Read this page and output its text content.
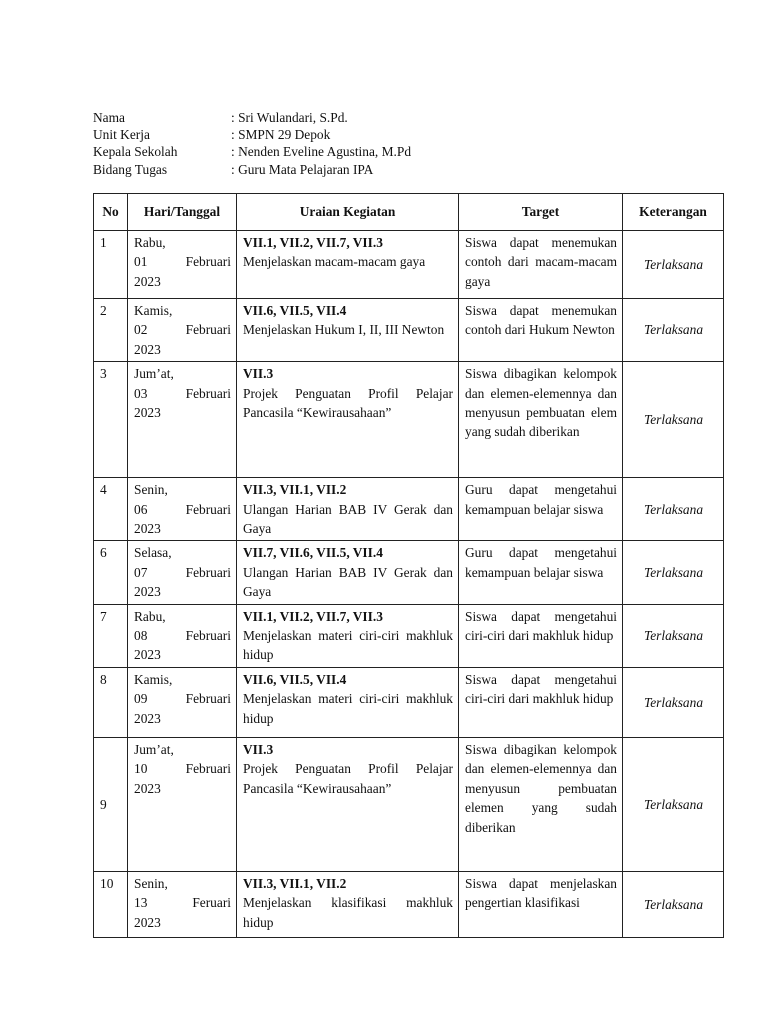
Nama	: Sri Wulandari, S.Pd.
Unit Kerja	: SMPN 29 Depok
Kepala Sekolah	: Nenden Eveline Agustina, M.Pd
Bidang Tugas	: Guru Mata Pelajaran IPA
No	Hari/Tanggal	Uraian Kegiatan	Target	Keterangan
1	Rabu,
01 Februari
2023	VII.1, VII.2, VII.7, VII.3
Menjelaskan macam-macam gaya	Siswa dapat menemukan contoh dari macam-macam gaya	Terlaksana
2	Kamis,
02 Februari
2023	VII.6, VII.5, VII.4
Menjelaskan Hukum I, II, III Newton	Siswa dapat menemukan contoh dari Hukum Newton	Terlaksana
3	Jum’at,
03 Februari
2023	VII.3
Projek Penguatan Profil Pelajar Pancasila “Kewirausahaan”	Siswa dibagikan kelompok dan elemen-elemennya dan menyusun pembuatan elem yang sudah diberikan	Terlaksana
4	Senin,
06 Februari
2023	VII.3, VII.1, VII.2
Ulangan Harian BAB IV Gerak dan Gaya	Guru dapat mengetahui kemampuan belajar siswa	Terlaksana
6	Selasa,
07 Februari
2023	VII.7, VII.6, VII.5, VII.4
Ulangan Harian BAB IV Gerak dan Gaya	Guru dapat mengetahui kemampuan belajar siswa	Terlaksana
7	Rabu,
08 Februari
2023	VII.1, VII.2, VII.7, VII.3
Menjelaskan materi ciri-ciri makhluk hidup	Siswa dapat mengetahui ciri-ciri dari makhluk hidup	Terlaksana
8	Kamis,
09 Februari
2023	VII.6, VII.5, VII.4
Menjelaskan materi ciri-ciri makhluk hidup	Siswa dapat mengetahui ciri-ciri dari makhluk hidup	Terlaksana
9	Jum’at,
10 Februari
2023	VII.3
Projek Penguatan Profil Pelajar Pancasila “Kewirausahaan”	Siswa dibagikan kelompok dan elemen-elemennya dan menyusun pembuatan elemen yang sudah diberikan	Terlaksana
10	Senin,
13 Feruari
2023	VII.3, VII.1, VII.2
Menjelaskan klasifikasi makhluk hidup	Siswa dapat menjelaskan pengertian klasifikasi	Terlaksana
